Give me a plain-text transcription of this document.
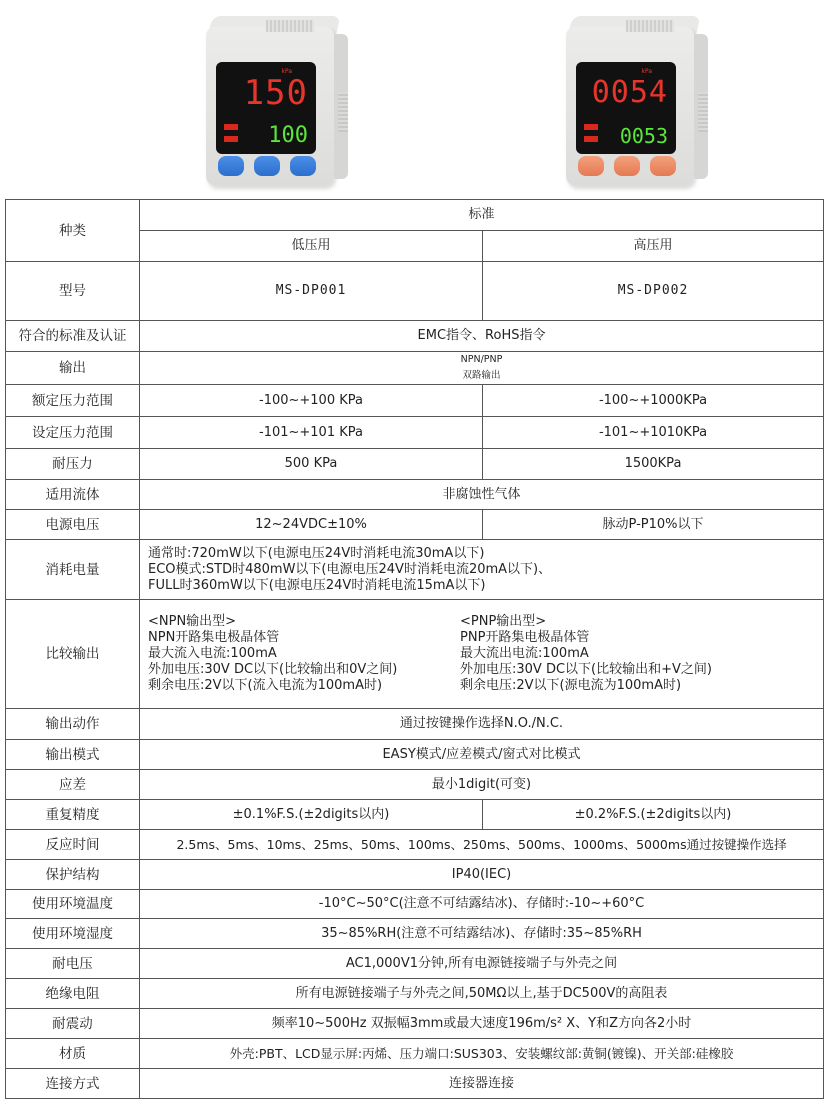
kPa
150
100
kPa
0054
0053
种类	标准	
	低压用	高压用
型号	MS-DP001	MS-DP002
符合的标准及认证	EMC指令、RoHS指令	
输出	NPN/PNP
双路输出	

额定压力范围	-100~+100 KPa	-100~+1000KPa
设定压力范围	-101~+101 KPa	-101~+1010KPa
耐压力	500 KPa	1500KPa
适用流体	非腐蚀性气体	
电源电压	12~24VDC±10%	脉动P-P10%以下
消耗电量	通常时:720mW以下(电源电压24V时消耗电流30mA以下)
ECO模式:STD时480mW以下(电源电压24V时消耗电流20mA以下)、
FULL时360mW以下(电源电压24V时消耗电流15mA以下)	

比较输出	
<NPN输出型>
NPN开路集电极晶体管
最大流入电流:100mA
外加电压:30V DC以下(比较输出和0V之间)
剩余电压:2V以下(流入电流为100mA时)
<PNP输出型>
PNP开路集电极晶体管
最大流出电流:100mA
外加电压:30V DC以下(比较输出和+V之间)
剩余电压:2V以下(源电流为100mA时)

输出动作	通过按键操作选择N.O./N.C.	
输出模式	EASY模式/应差模式/窗式对比模式	
应差	最小1digit(可变)	
重复精度	±0.1%F.S.(±2digits以内)	±0.2%F.S.(±2digits以内)
反应时间	2.5ms、5ms、10ms、25ms、50ms、100ms、250ms、500ms、1000ms、5000ms通过按键操作选择	
保护结构	IP40(IEC)	
使用环境温度	-10°C~50°C(注意不可结露结冰)、存储时:-10~+60°C	
使用环境湿度	35~85%RH(注意不可结露结冰)、存储时:35~85%RH	
耐电压	AC1,000V1分钟,所有电源链接端子与外壳之间	
绝缘电阻	所有电源链接端子与外壳之间,50MΩ以上,基于DC500V的高阻表	
耐震动	频率10~500Hz 双振幅3mm或最大速度196m/s² X、Y和Z方向各2小时	
材质	外壳:PBT、LCD显示屏:丙烯、压力端口:SUS303、安装螺纹部:黄铜(镀镍)、开关部:硅橡胶	
连接方式	连接器连接	
